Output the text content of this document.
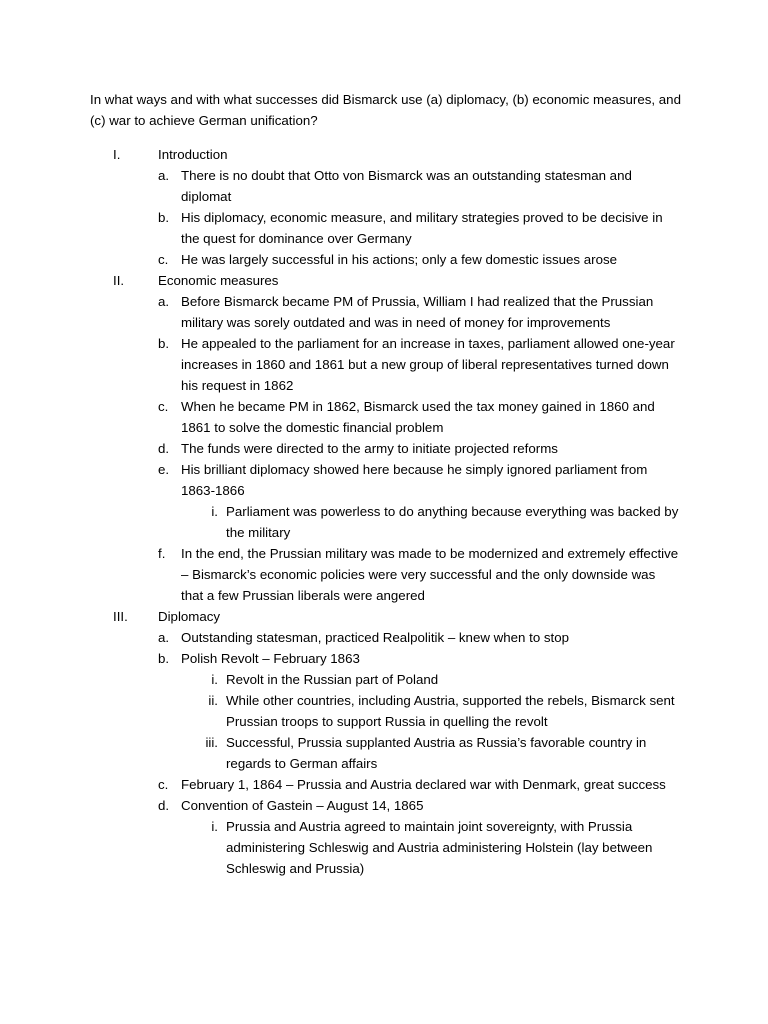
In what ways and with what successes did Bismarck use (a) diplomacy, (b) economic measures, and (c) war to achieve German unification?
I.	Introduction
a. There is no doubt that Otto von Bismarck was an outstanding statesman and diplomat
b. His diplomacy, economic measure, and military strategies proved to be decisive in the quest for dominance over Germany
c. He was largely successful in his actions; only a few domestic issues arose
II.	Economic measures
a. Before Bismarck became PM of Prussia, William I had realized that the Prussian military was sorely outdated and was in need of money for improvements
b. He appealed to the parliament for an increase in taxes, parliament allowed one-year increases in 1860 and 1861 but a new group of liberal representatives turned down his request in 1862
c. When he became PM in 1862, Bismarck used the tax money gained in 1860 and 1861 to solve the domestic financial problem
d. The funds were directed to the army to initiate projected reforms
e. His brilliant diplomacy showed here because he simply ignored parliament from 1863-1866
i. Parliament was powerless to do anything because everything was backed by the military
f. In the end, the Prussian military was made to be modernized and extremely effective – Bismarck’s economic policies were very successful and the only downside was that a few Prussian liberals were angered
III. Diplomacy
a. Outstanding statesman, practiced Realpolitik – knew when to stop
b. Polish Revolt – February 1863
i. Revolt in the Russian part of Poland
ii. While other countries, including Austria, supported the rebels, Bismarck sent Prussian troops to support Russia in quelling the revolt
iii. Successful, Prussia supplanted Austria as Russia’s favorable country in regards to German affairs
c. February 1, 1864 – Prussia and Austria declared war with Denmark, great success
d. Convention of Gastein – August 14, 1865
i. Prussia and Austria agreed to maintain joint sovereignty, with Prussia administering Schleswig and Austria administering Holstein (lay between Schleswig and Prussia)
